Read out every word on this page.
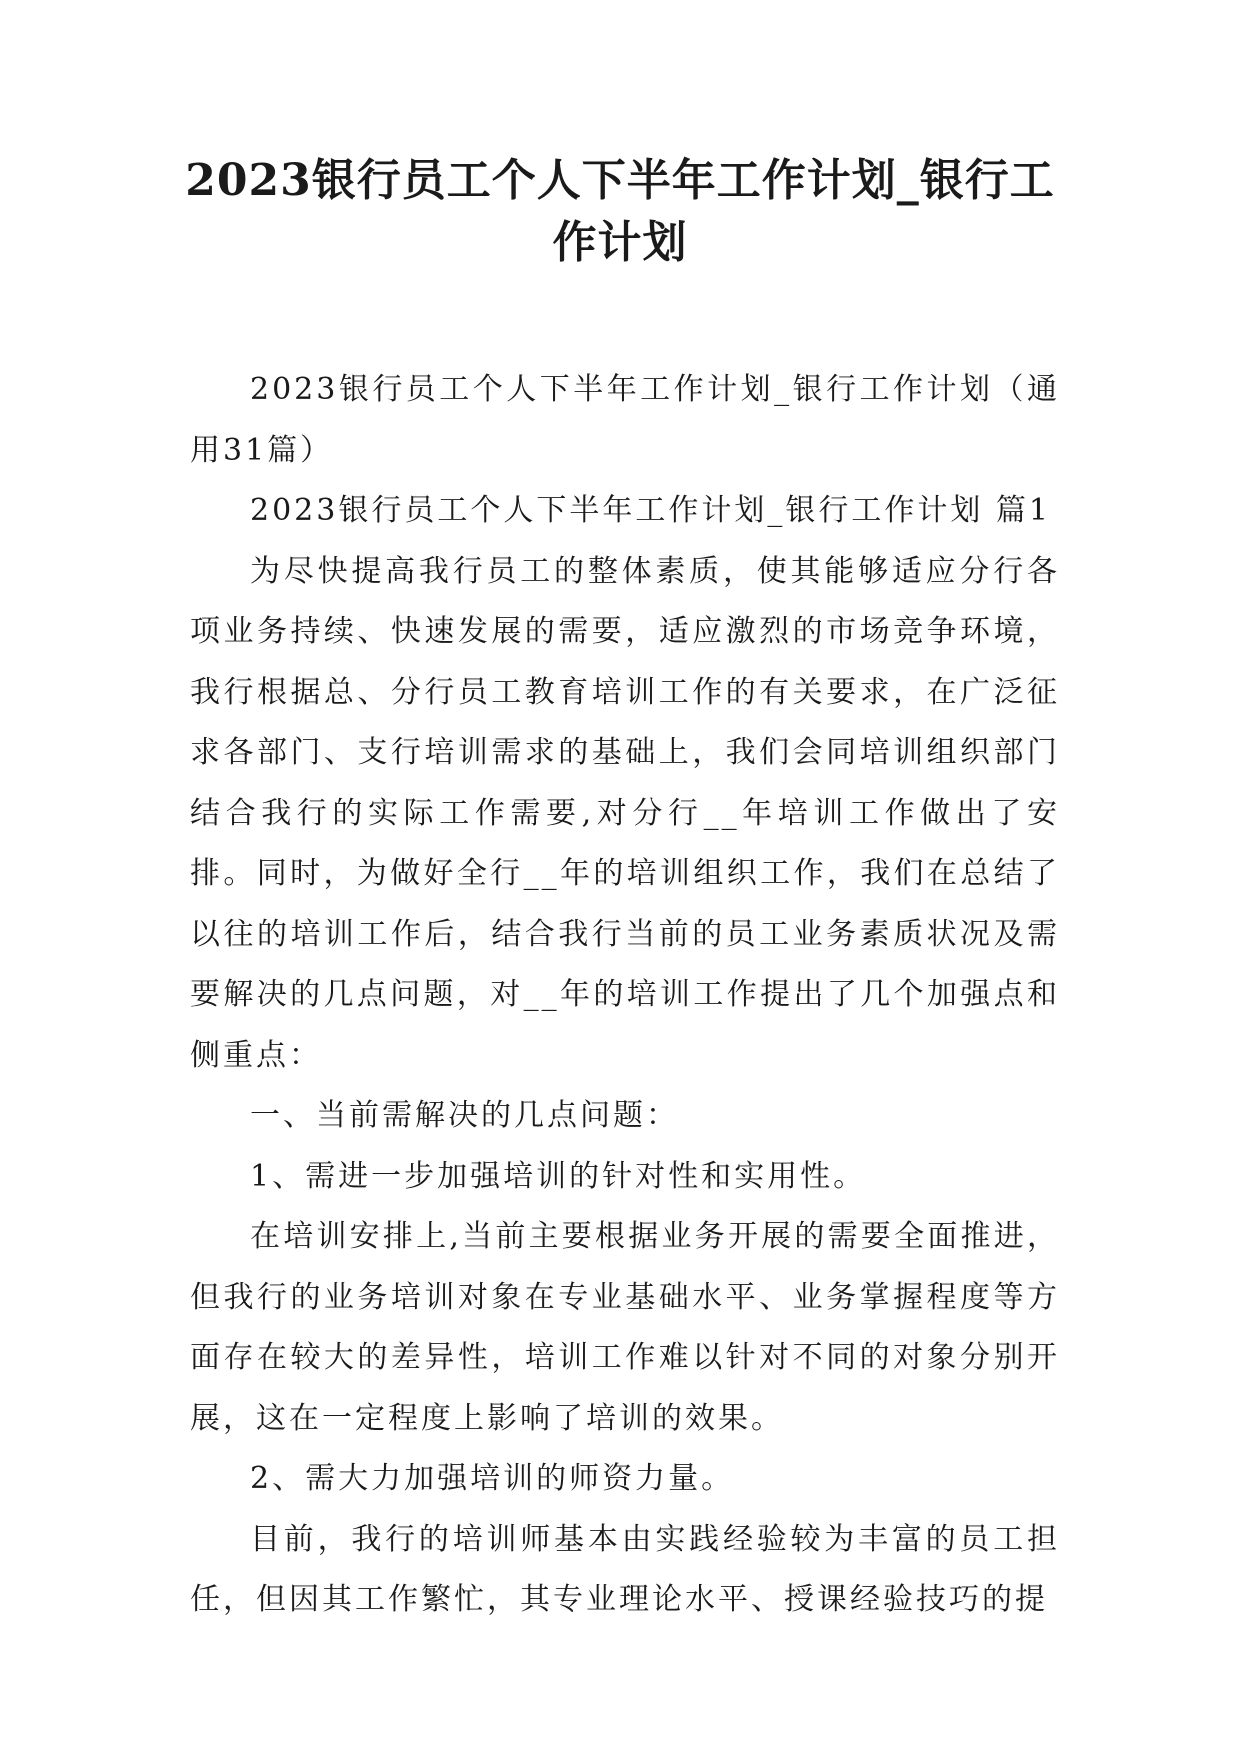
2023银行员工个人下半年工作计划_银行工作计划

2023银行员工个人下半年工作计划_银行工作计划（通用31篇）

2023银行员工个人下半年工作计划_银行工作计划 篇1

为尽快提高我行员工的整体素质，使其能够适应分行各项业务持续、快速发展的需要，适应激烈的市场竞争环境，我行根据总、分行员工教育培训工作的有关要求，在广泛征求各部门、支行培训需求的基础上，我们会同培训组织部门结合我行的实际工作需要,对分行__年培训工作做出了安排。同时，为做好全行__年的培训组织工作，我们在总结了以往的培训工作后，结合我行当前的员工业务素质状况及需要解决的几点问题，对__年的培训工作提出了几个加强点和侧重点：

一、当前需解决的几点问题：

1、需进一步加强培训的针对性和实用性。

在培训安排上,当前主要根据业务开展的需要全面推进，但我行的业务培训对象在专业基础水平、业务掌握程度等方面存在较大的差异性，培训工作难以针对不同的对象分别开展，这在一定程度上影响了培训的效果。

2、需大力加强培训的师资力量。

目前，我行的培训师基本由实践经验较为丰富的员工担任，但因其工作繁忙，其专业理论水平、授课经验技巧的提
